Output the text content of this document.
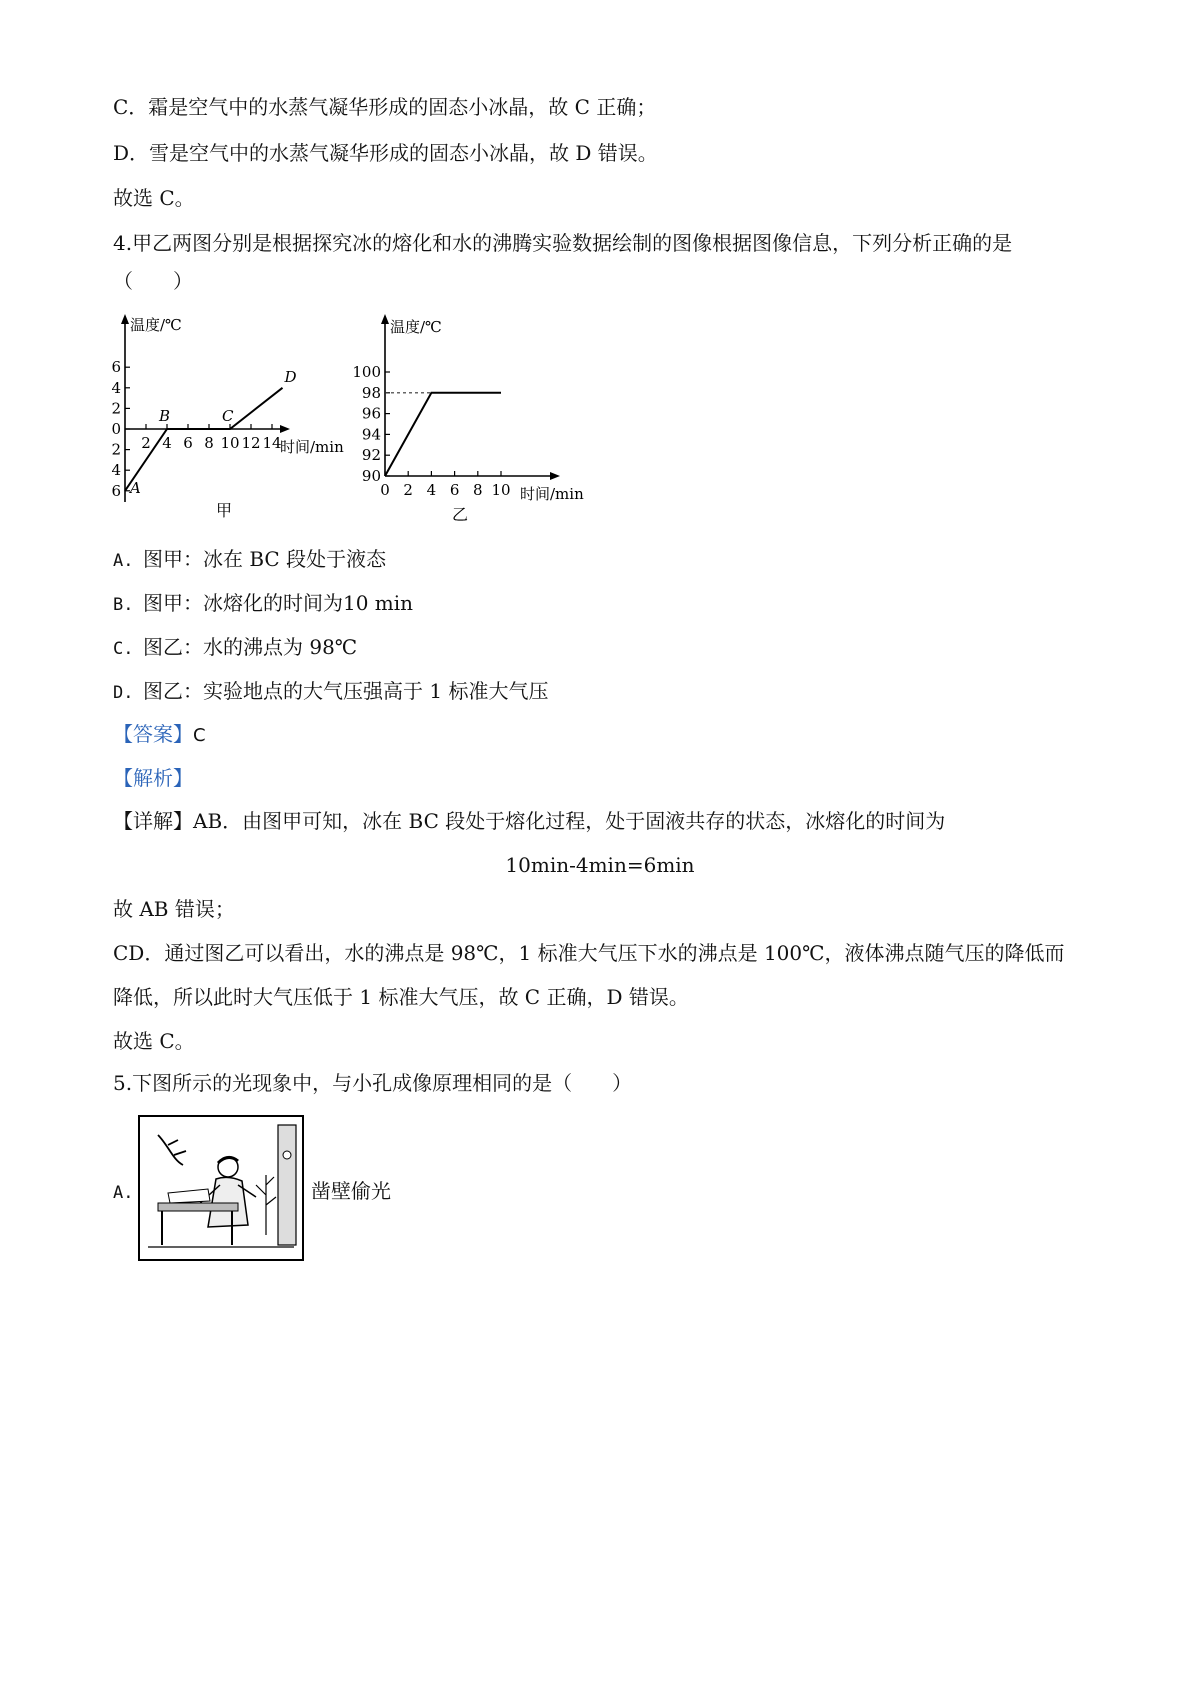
C．霜是空气中的水蒸气凝华形成的固态小冰晶，故 C 正确；
D．雪是空气中的水蒸气凝华形成的固态小冰晶，故 D 错误。
故选 C。
4.甲乙两图分别是根据探究冰的熔化和水的沸腾实验数据绘制的图像根据图像信息，下列分析正确的是
（　　）
温度/℃
时间/min
6
4
2
0
2
4
6
2 4 6 8 10 12 14
A
B	C
D
甲
温度/℃
时间/min
90
92
94
96
98
100
0 2 4 6 8 10
乙
A. 图甲：冰在 BC 段处于液态
B. 图甲：冰熔化的时间为10 min
C. 图乙：水的沸点为 98℃
D. 图乙：实验地点的大气压强高于 1 标准大气压
【答案】C
【解析】
【详解】AB．由图甲可知，冰在 BC 段处于熔化过程，处于固液共存的状态，冰熔化的时间为
10min-4min=6min
故 AB 错误；
CD．通过图乙可以看出，水的沸点是 98℃，1 标准大气压下水的沸点是 100℃，液体沸点随气压的降低而
降低，所以此时大气压低于 1 标准大气压，故 C 正确，D 错误。
故选 C。
5.下图所示的光现象中，与小孔成像原理相同的是（　　）
A.	凿壁偷光
